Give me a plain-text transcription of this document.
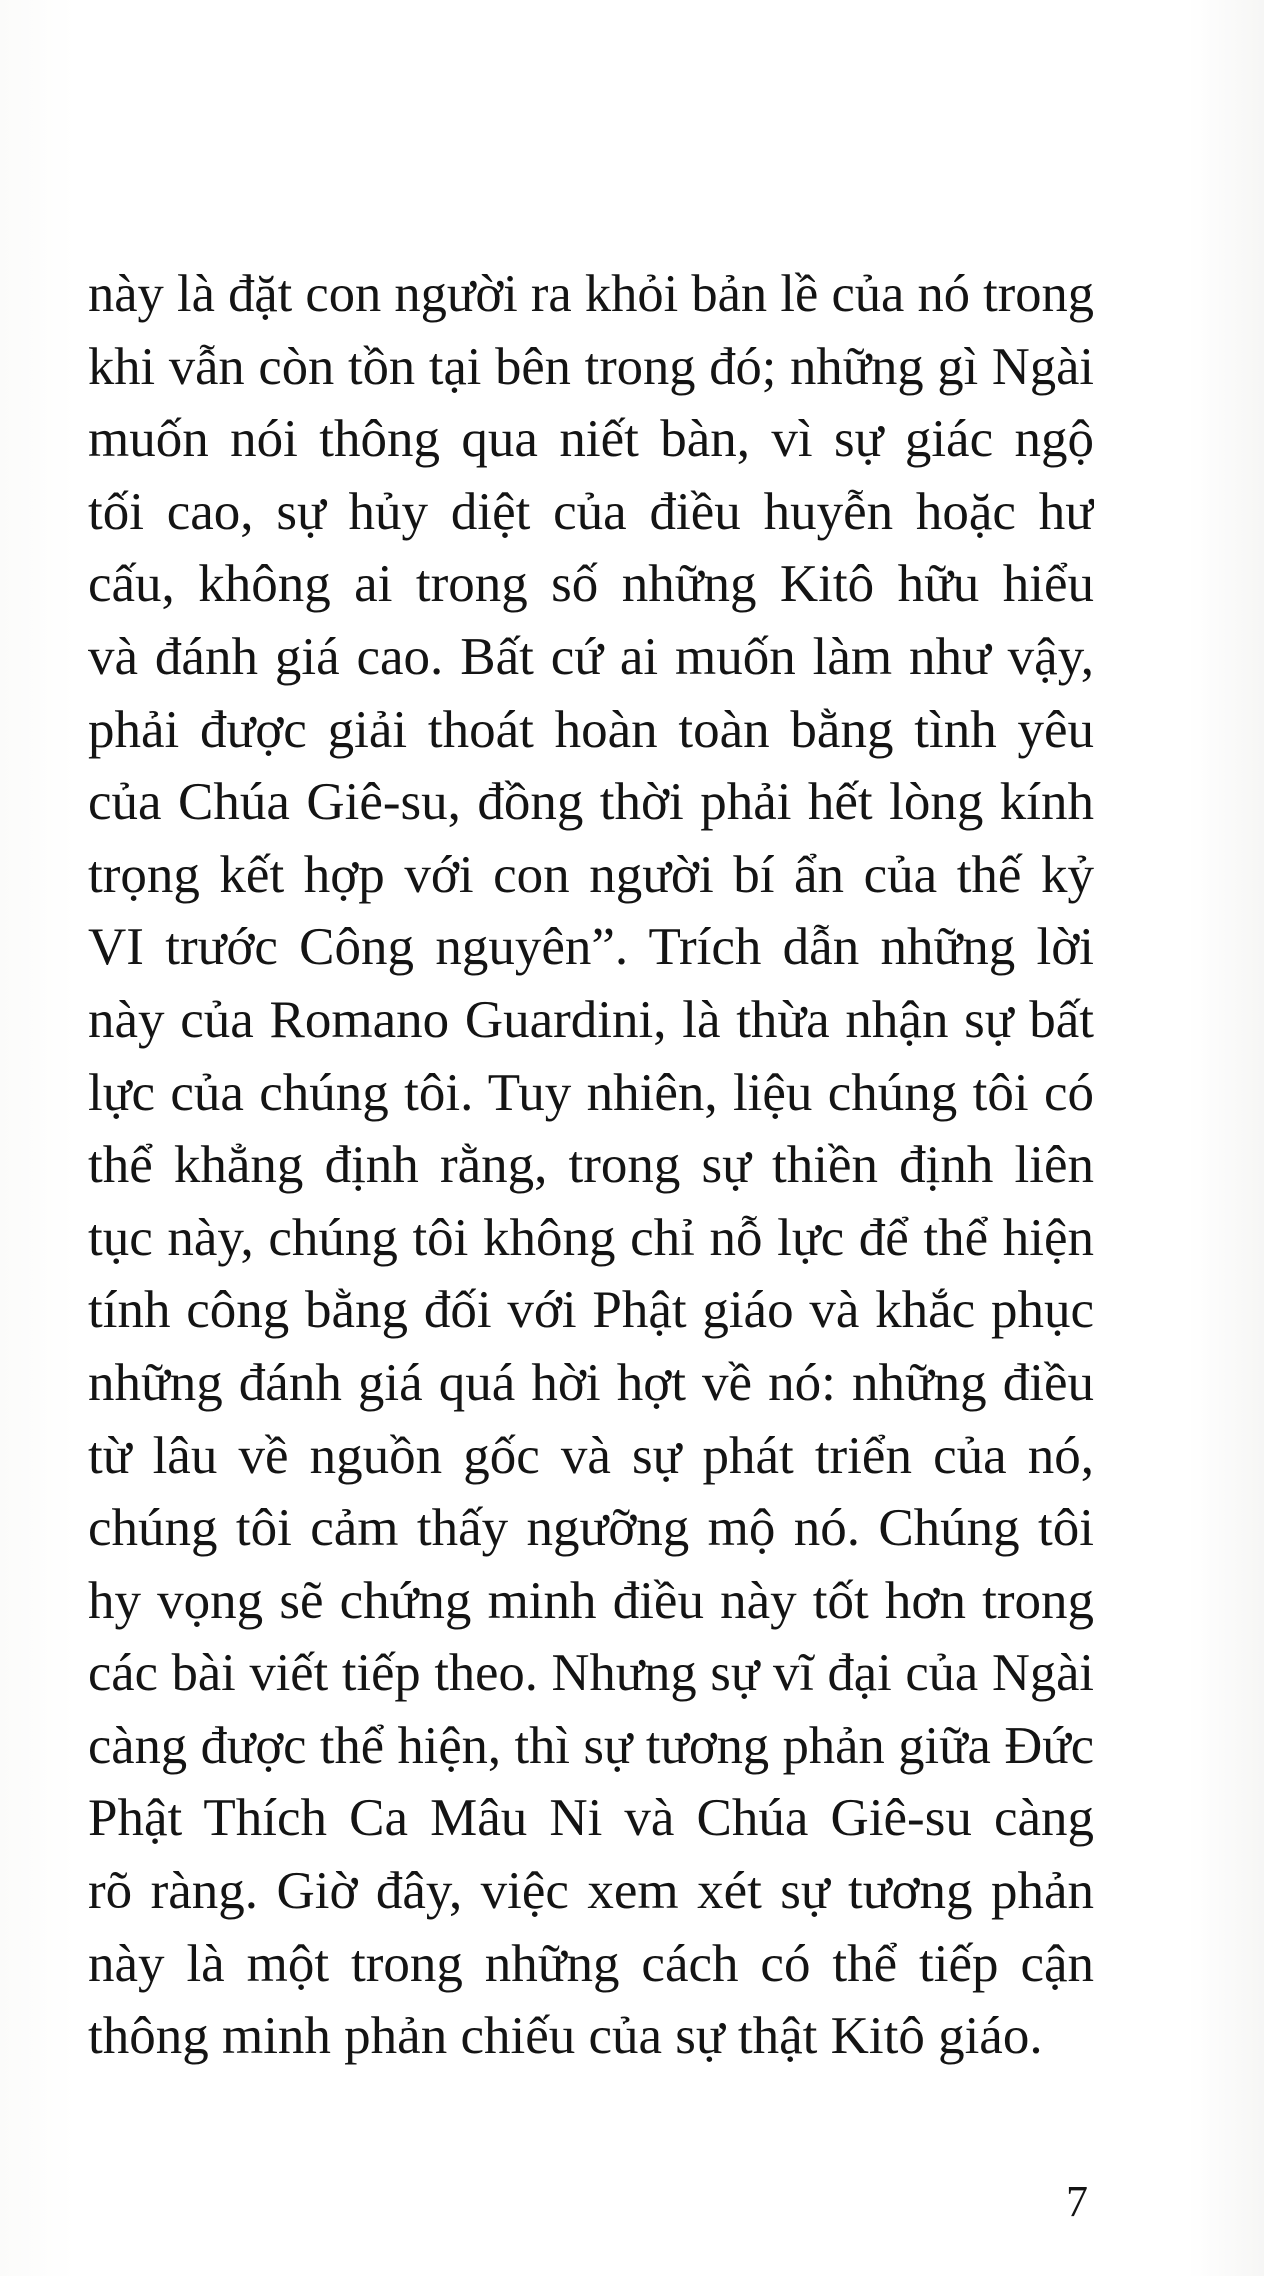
này là đặt con người ra khỏi bản lề của nó trong
khi vẫn còn tồn tại bên trong đó; những gì Ngài
muốn nói thông qua niết bàn, vì sự giác ngộ
tối cao, sự hủy diệt của điều huyễn hoặc hư
cấu, không ai trong số những Kitô hữu hiểu
và đánh giá cao. Bất cứ ai muốn làm như vậy,
phải được giải thoát hoàn toàn bằng tình yêu
của Chúa Giê-su, đồng thời phải hết lòng kính
trọng kết hợp với con người bí ẩn của thế kỷ
VI trước Công nguyên”. Trích dẫn những lời
này của Romano Guardini, là thừa nhận sự bất
lực của chúng tôi. Tuy nhiên, liệu chúng tôi có
thể khẳng định rằng, trong sự thiền định liên
tục này, chúng tôi không chỉ nỗ lực để thể hiện
tính công bằng đối với Phật giáo và khắc phục
những đánh giá quá hời hợt về nó: những điều
từ lâu về nguồn gốc và sự phát triển của nó,
chúng tôi cảm thấy ngưỡng mộ nó. Chúng tôi
hy vọng sẽ chứng minh điều này tốt hơn trong
các bài viết tiếp theo. Nhưng sự vĩ đại của Ngài
càng được thể hiện, thì sự tương phản giữa Đức
Phật Thích Ca Mâu Ni và Chúa Giê-su càng
rõ ràng. Giờ đây, việc xem xét sự tương phản
này là một trong những cách có thể tiếp cận
thông minh phản chiếu của sự thật Kitô giáo.
7
